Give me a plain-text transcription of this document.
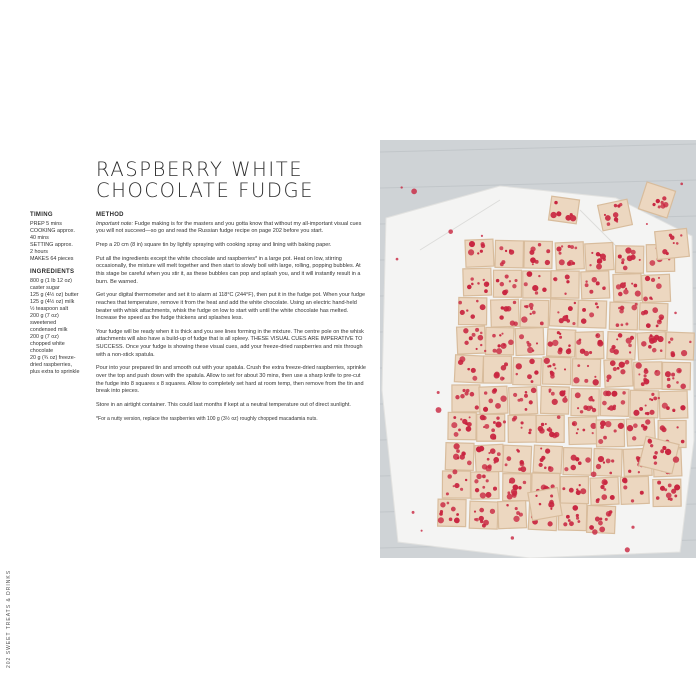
RASPBERRY WHITE
CHOCOLATE FUDGE
TIMING
PREP 5 mins
COOKING approx.
40 mins
SETTING approx.
2 hours
MAKES 64 pieces
INGREDIENTS
800 g (1 lb 12 oz)
caster sugar
125 g (4½ oz) butter
125 g (4½ oz) milk
½ teaspoon salt
200 g (7 oz)
sweetened
condensed milk
200 g (7 oz)
chopped white
chocolate
20 g (¾ oz) freeze-
dried raspberries,
plus extra to sprinkle
METHOD

Important note: Fudge making is for the masters and you gotta know that without my all-important visual cues you will not succeed—so go and read the Russian fudge recipe on page 202 before you start.

Prep a 20 cm (8 in) square tin by lightly spraying with cooking spray and lining with baking paper.

Put all the ingredients except the white chocolate and raspberries* in a large pot. Heat on low, stirring occasionally, the mixture will melt together and then start to slowly boil with large, rolling, popping bubbles. At this stage be careful when you stir it, as these bubbles can pop and splash you, and it will instantly result in a burn. Be warned.

Get your digital thermometer and set it to alarm at 118°C (244°F), then put it in the fudge pot. When your fudge reaches that temperature, remove it from the heat and add the white chocolate. Using an electric hand-held beater with whisk attachments, whisk the fudge on low to start with until the white chocolate has melted. Increase the speed as the fudge thickens and splashes less.

Your fudge will be ready when it is thick and you see lines forming in the mixture. The centre pole on the whisk attachments will also have a build-up of fudge that is all spleey. THESE VISUAL CUES ARE IMPERATIVE TO SUCCESS. Once your fudge is showing these visual cues, add your freeze-dried raspberries and mix through with a non-stick spatula.

Pour into your prepared tin and smooth out with your spatula. Crush the extra freeze-dried raspberries, sprinkle over the top and push down with the spatula. Allow to set for about 30 mins, then use a sharp knife to pre-cut the fudge into 8 squares x 8 squares. Allow to completely set hard at room temp, then remove from the tin and break into pieces.

Store in an airtight container. This could last months if kept at a neutral temperature out of direct sunlight.

*For a nutty version, replace the raspberries with 100 g (3½ oz) roughly chopped macadamia nuts.

202 SWEET TREATS & DRINKS
